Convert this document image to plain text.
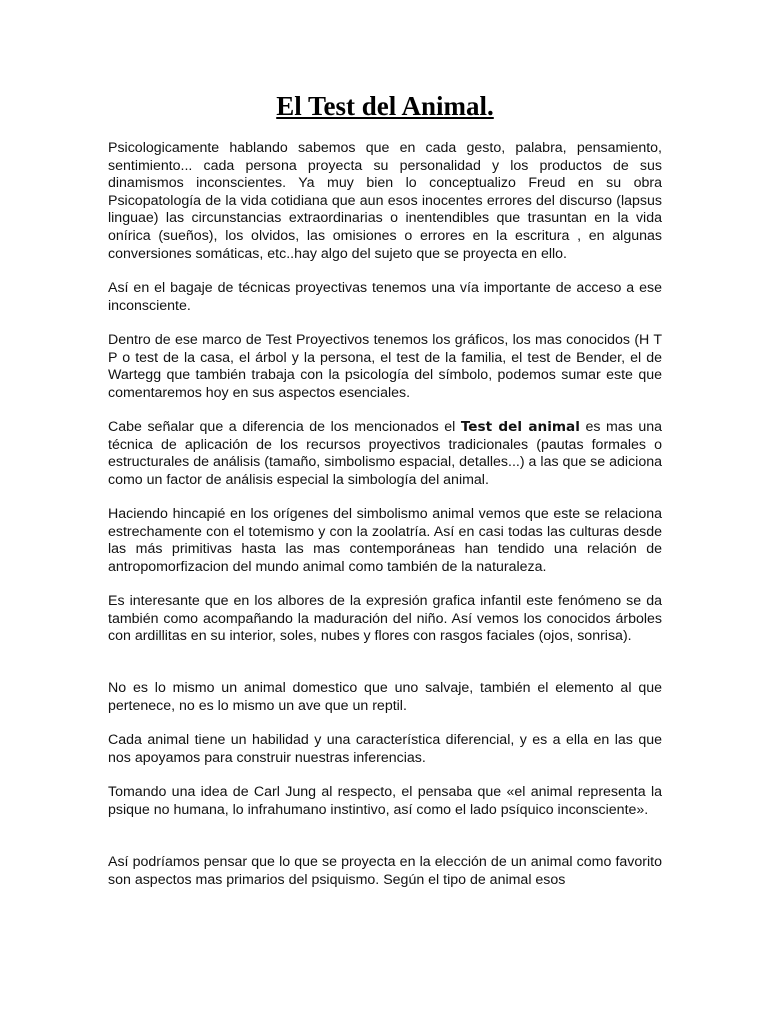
El Test del Animal.

Psicologicamente hablando sabemos que en cada gesto, palabra, pensamiento, sentimiento... cada persona proyecta su personalidad y los productos de sus dinamismos inconscientes. Ya muy bien lo conceptualizo Freud en su obra Psicopatología de la vida cotidiana que aun esos inocentes errores del discurso (lapsus linguae) las circunstancias extraordinarias o inentendibles que trasuntan en la vida onírica (sueños), los olvidos, las omisiones o errores en la escritura , en algunas conversiones somáticas, etc..hay algo del sujeto que se proyecta en ello.

Así en el bagaje de técnicas proyectivas tenemos una vía importante de acceso a ese inconsciente.

Dentro de ese marco de Test Proyectivos tenemos los gráficos, los mas conocidos (H T P o test de la casa, el árbol y la persona, el test de la familia, el test de Bender, el de Wartegg que también trabaja con la psicología del símbolo, podemos sumar este que comentaremos hoy en sus aspectos esenciales.

Cabe señalar que a diferencia de los mencionados el Test del animal es mas una técnica de aplicación de los recursos proyectivos tradicionales (pautas formales o estructurales de análisis (tamaño, simbolismo espacial, detalles...) a las que se adiciona como un factor de análisis especial la simbología del animal.

Haciendo hincapié en los orígenes del simbolismo animal vemos que este se relaciona estrechamente con el totemismo y con la zoolatría. Así en casi todas las culturas desde las más primitivas hasta las mas contemporáneas han tendido una relación de antropomorfizacion del mundo animal como también de la naturaleza.

Es interesante que en los albores de la expresión grafica infantil este fenómeno se da también como acompañando la maduración del niño. Así vemos los conocidos árboles con ardillitas en su interior, soles, nubes y flores con rasgos faciales (ojos, sonrisa).

No es lo mismo un animal domestico que uno salvaje, también el elemento al que pertenece, no es lo mismo un ave que un reptil.

Cada animal tiene un habilidad y una característica diferencial, y es a ella en las que nos apoyamos para construir nuestras inferencias.

Tomando una idea de Carl Jung al respecto, el pensaba que «el animal representa la psique no humana, lo infrahumano instintivo, así como el lado psíquico inconsciente».

Así podríamos pensar que lo que se proyecta en la elección de un animal como favorito son aspectos mas primarios del psiquismo. Según el tipo de animal esos
